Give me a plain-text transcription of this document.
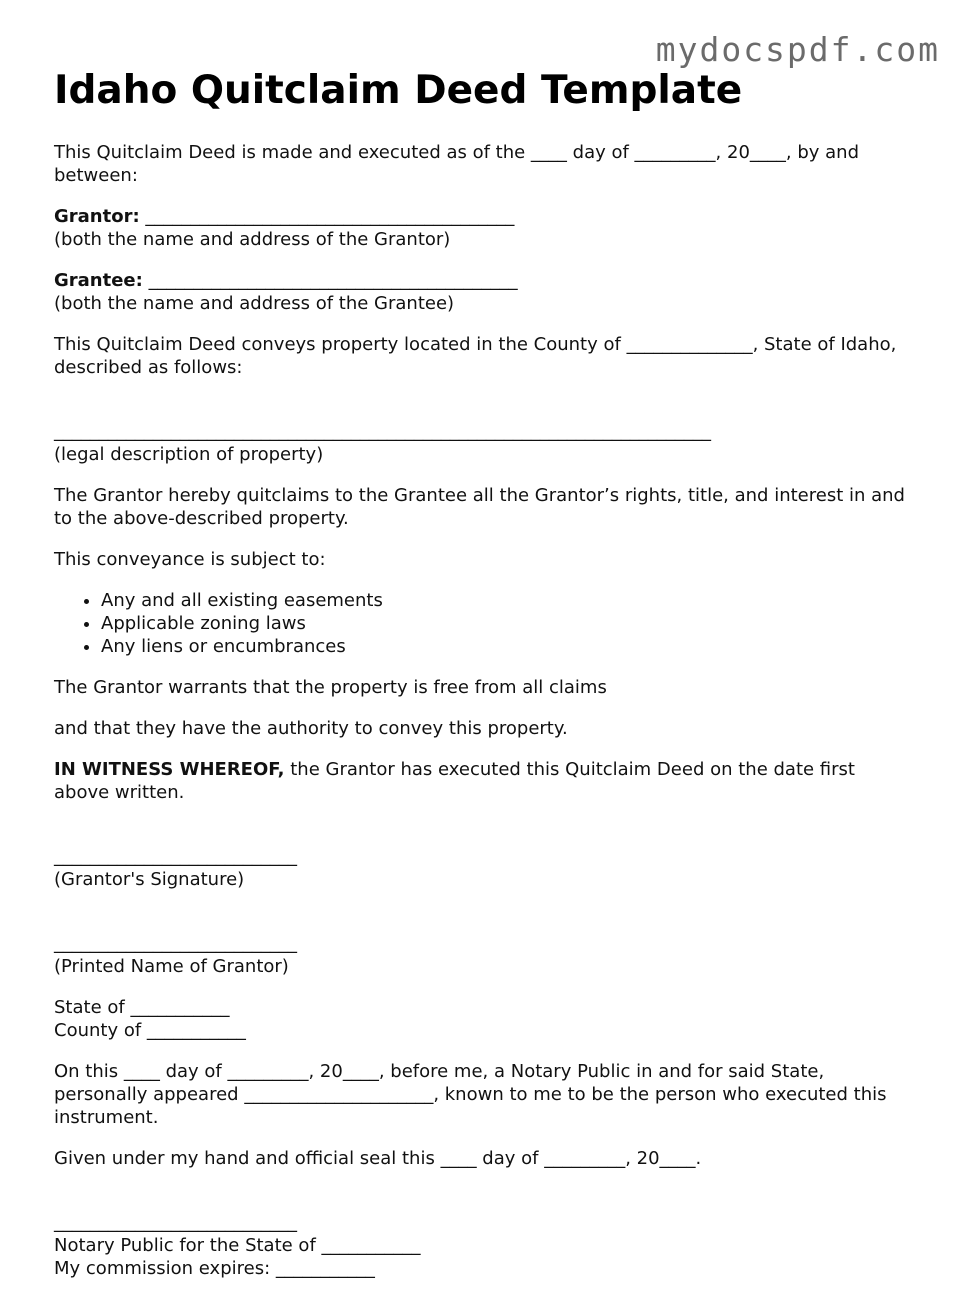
mydocspdf.com
Idaho Quitclaim Deed Template

This Quitclaim Deed is made and executed as of the ____ day of _________, 20____, by and between:

Grantor: _________________________________________
(both the name and address of the Grantor)

Grantee: _________________________________________
(both the name and address of the Grantee)

This Quitclaim Deed conveys property located in the County of ______________, State of Idaho, described as follows:

_________________________________________________________________________
(legal description of property)

The Grantor hereby quitclaims to the Grantee all the Grantor’s rights, title, and interest in and to the above-described property.

This conveyance is subject to:

• Any and all existing easements
• Applicable zoning laws
• Any liens or encumbrances

The Grantor warrants that the property is free from all claims

and that they have the authority to convey this property.

IN WITNESS WHEREOF, the Grantor has executed this Quitclaim Deed on the date first above written.

___________________________
(Grantor's Signature)

___________________________
(Printed Name of Grantor)

State of ___________
County of ___________

On this ____ day of _________, 20____, before me, a Notary Public in and for said State, personally appeared _____________________, known to me to be the person who executed this instrument.

Given under my hand and official seal this ____ day of _________, 20____.

___________________________
Notary Public for the State of ___________
My commission expires: ___________
